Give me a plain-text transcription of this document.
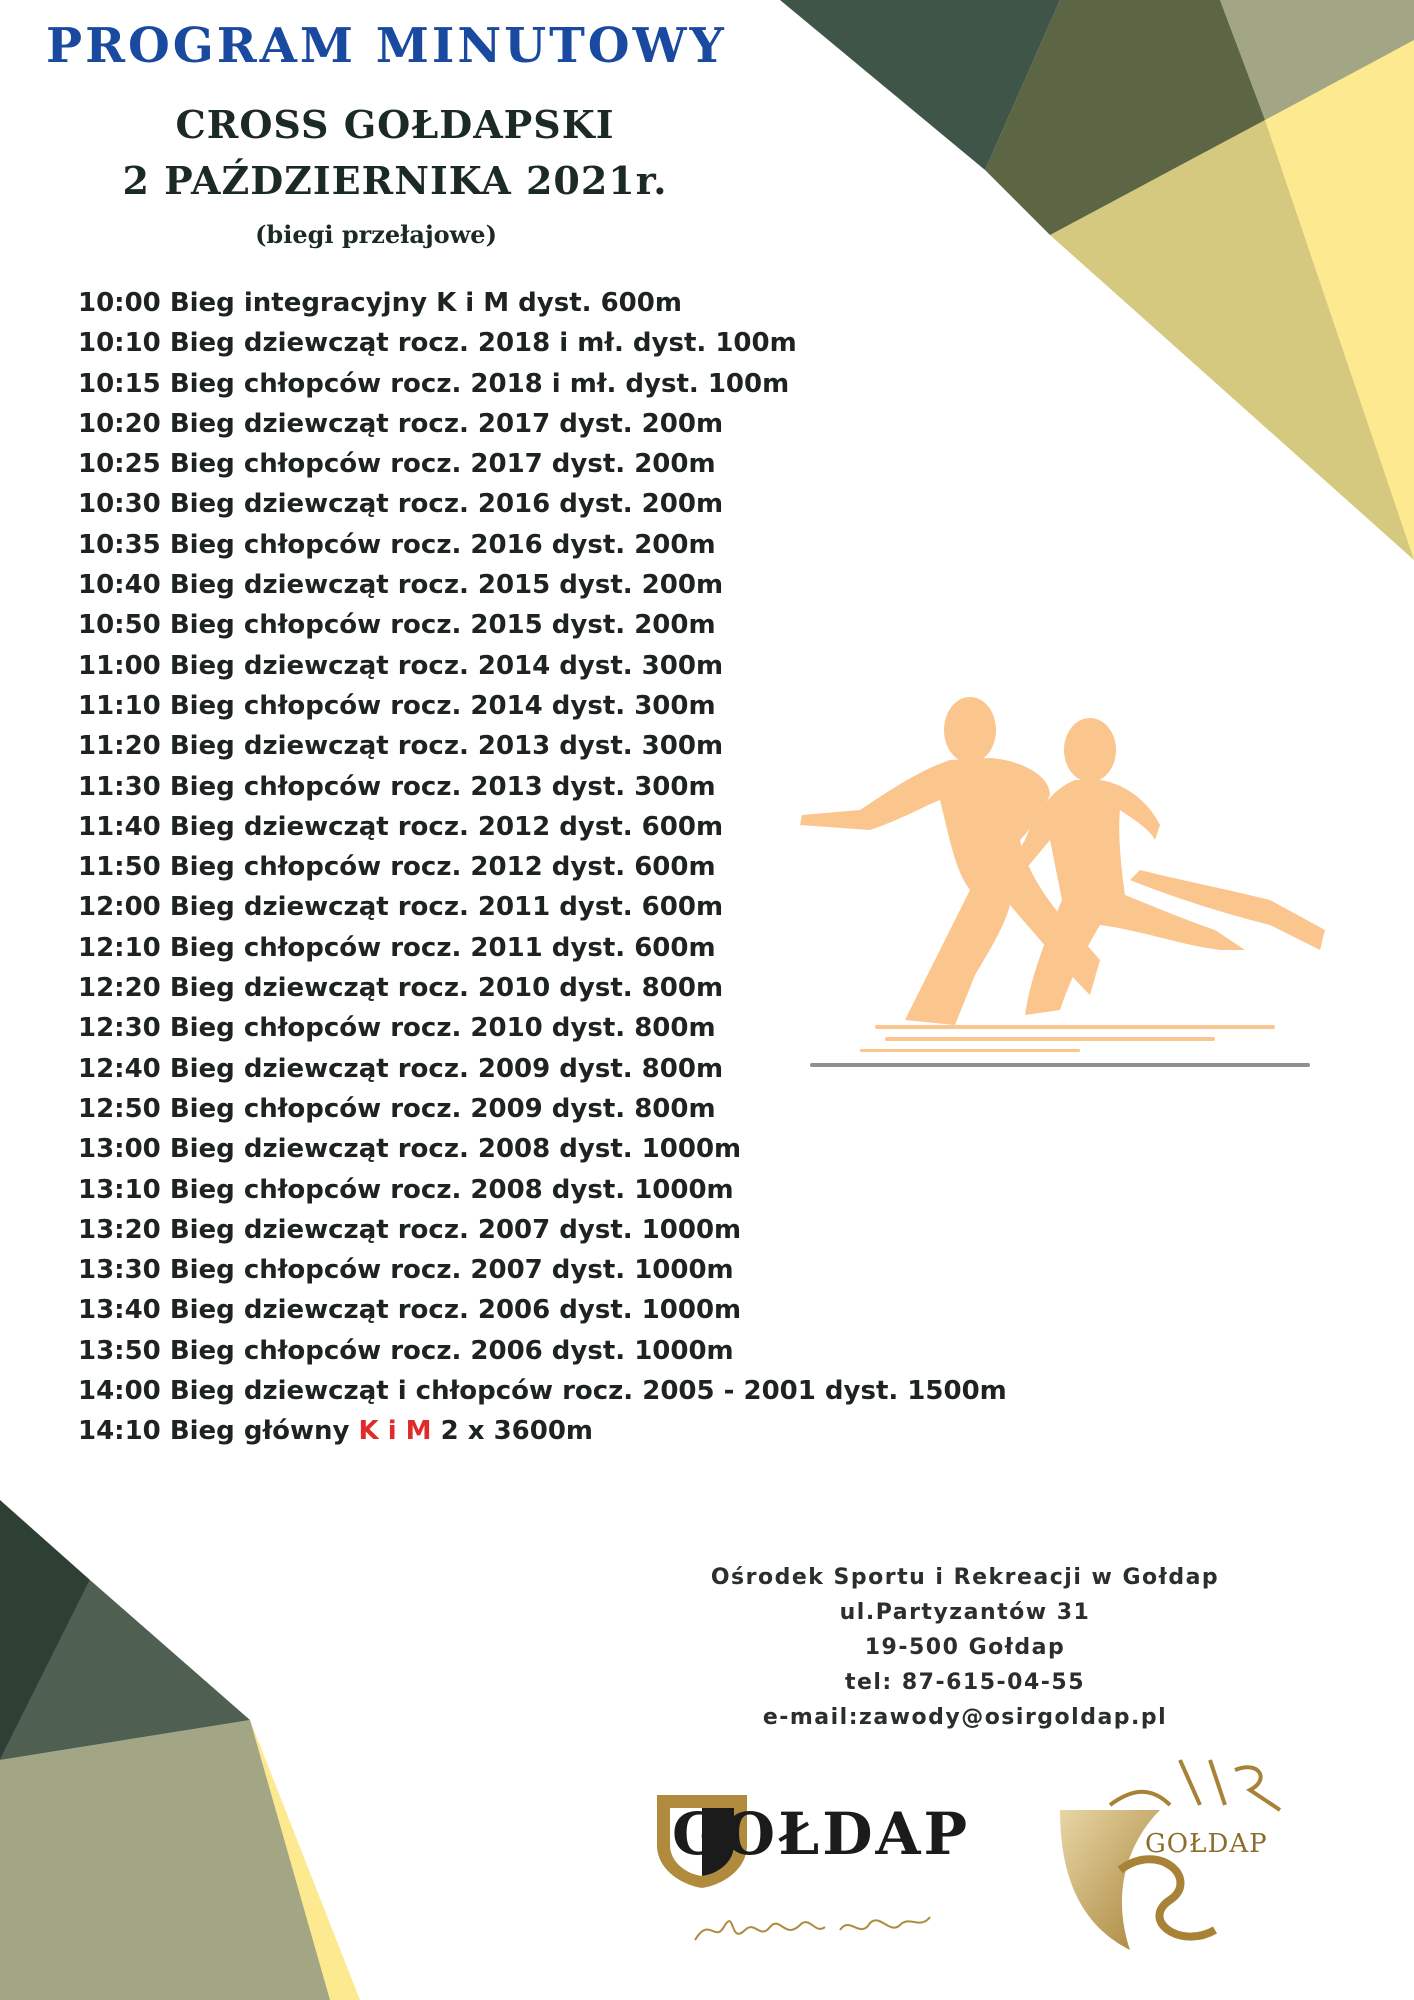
PROGRAM MINUTOWY
CROSS GOŁDAPSKI
2 PAŹDZIERNIKA 2021r.
(biegi przełajowe)
10:00 Bieg integracyjny K i M dyst. 600m
10:10 Bieg dziewcząt rocz. 2018 i mł. dyst. 100m
10:15 Bieg chłopców rocz. 2018 i mł. dyst. 100m
10:20 Bieg dziewcząt rocz. 2017 dyst. 200m
10:25 Bieg chłopców rocz. 2017 dyst. 200m
10:30 Bieg dziewcząt rocz. 2016 dyst. 200m
10:35 Bieg chłopców rocz. 2016 dyst. 200m
10:40 Bieg dziewcząt rocz. 2015 dyst. 200m
10:50 Bieg chłopców rocz. 2015 dyst. 200m
11:00 Bieg dziewcząt rocz. 2014 dyst. 300m
11:10 Bieg chłopców rocz. 2014 dyst. 300m
11:20 Bieg dziewcząt rocz. 2013 dyst. 300m
11:30 Bieg chłopców rocz. 2013 dyst. 300m
11:40 Bieg dziewcząt rocz. 2012 dyst. 600m
11:50 Bieg chłopców rocz. 2012 dyst. 600m
12:00 Bieg dziewcząt rocz. 2011 dyst. 600m
12:10 Bieg chłopców rocz. 2011 dyst. 600m
12:20 Bieg dziewcząt rocz. 2010 dyst. 800m
12:30 Bieg chłopców rocz. 2010 dyst. 800m
12:40 Bieg dziewcząt rocz. 2009 dyst. 800m
12:50 Bieg chłopców rocz. 2009 dyst. 800m
13:00 Bieg dziewcząt rocz. 2008 dyst. 1000m
13:10 Bieg chłopców rocz. 2008 dyst. 1000m
13:20 Bieg dziewcząt rocz. 2007 dyst. 1000m
13:30 Bieg chłopców rocz. 2007 dyst. 1000m
13:40 Bieg dziewcząt rocz. 2006 dyst. 1000m
13:50 Bieg chłopców rocz. 2006 dyst. 1000m
14:00 Bieg dziewcząt i chłopców rocz. 2005 - 2001 dyst. 1500m
14:10 Bieg główny K i M 2 x 3600m
Ośrodek Sportu i Rekreacji w Gołdap
ul.Partyzantów 31
19-500 Gołdap
tel: 87-615-04-55
e-mail:zawody@osirgoldap.pl
GOŁDAP	GOŁDAP
